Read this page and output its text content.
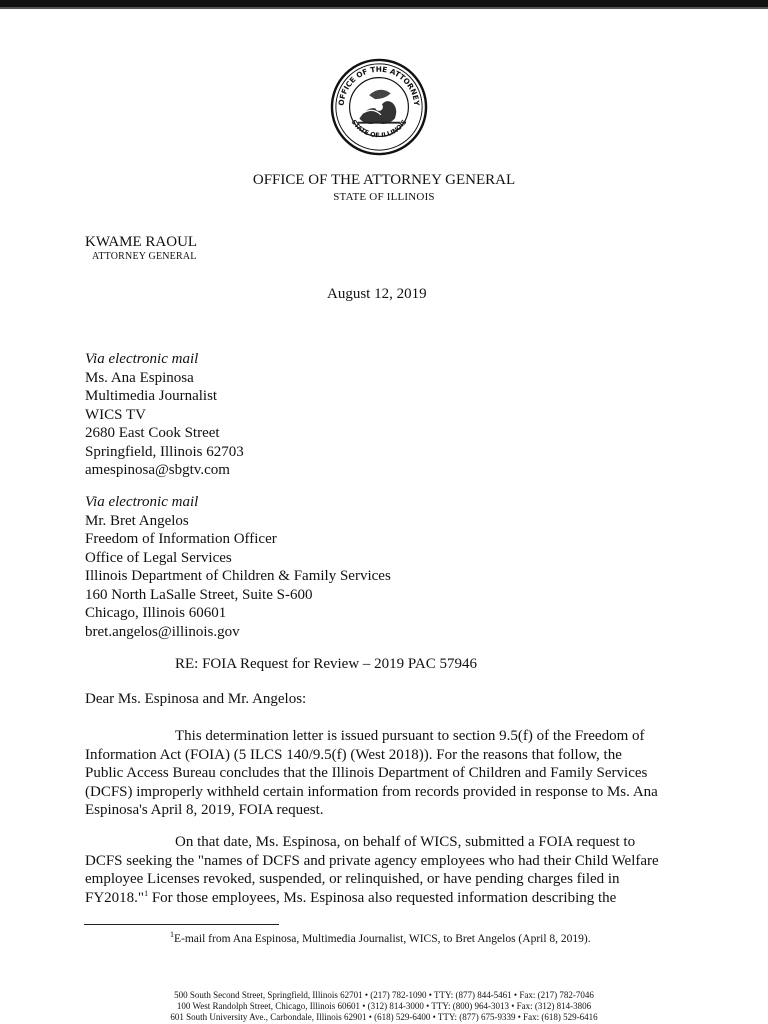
OFFICE OF THE ATTORNEY
STATE OF ILLINOIS
OFFICE OF THE ATTORNEY GENERAL
STATE OF ILLINOIS
KWAME RAOUL
ATTORNEY GENERAL
August 12, 2019
Via electronic mail
Ms. Ana Espinosa
Multimedia Journalist
WICS TV
2680 East Cook Street
Springfield, Illinois 62703
amespinosa@sbgtv.com
Via electronic mail
Mr. Bret Angelos
Freedom of Information Officer
Office of Legal Services
Illinois Department of Children & Family Services
160 North LaSalle Street, Suite S-600
Chicago, Illinois 60601
bret.angelos@illinois.gov
RE: FOIA Request for Review – 2019 PAC 57946
Dear Ms. Espinosa and Mr. Angelos:
This determination letter is issued pursuant to section 9.5(f) of the Freedom of
Information Act (FOIA) (5 ILCS 140/9.5(f) (West 2018)). For the reasons that follow, the
Public Access Bureau concludes that the Illinois Department of Children and Family Services
(DCFS) improperly withheld certain information from records provided in response to Ms. Ana
Espinosa's April 8, 2019, FOIA request.
On that date, Ms. Espinosa, on behalf of WICS, submitted a FOIA request to
DCFS seeking the "names of DCFS and private agency employees who had their Child Welfare
employee Licenses revoked, suspended, or relinquished, or have pending charges filed in
FY2018."$^1$ For those employees, Ms. Espinosa also requested information describing the
$^1$E-mail from Ana Espinosa, Multimedia Journalist, WICS, to Bret Angelos (April 8, 2019).
500 South Second Street, Springfield, Illinois 62701 • (217) 782-1090 • TTY: (877) 844-5461 • Fax: (217) 782-7046
100 West Randolph Street, Chicago, Illinois 60601 • (312) 814-3000 • TTY: (800) 964-3013 • Fax: (312) 814-3806
601 South University Ave., Carbondale, Illinois 62901 • (618) 529-6400 • TTY: (877) 675-9339 • Fax: (618) 529-6416
